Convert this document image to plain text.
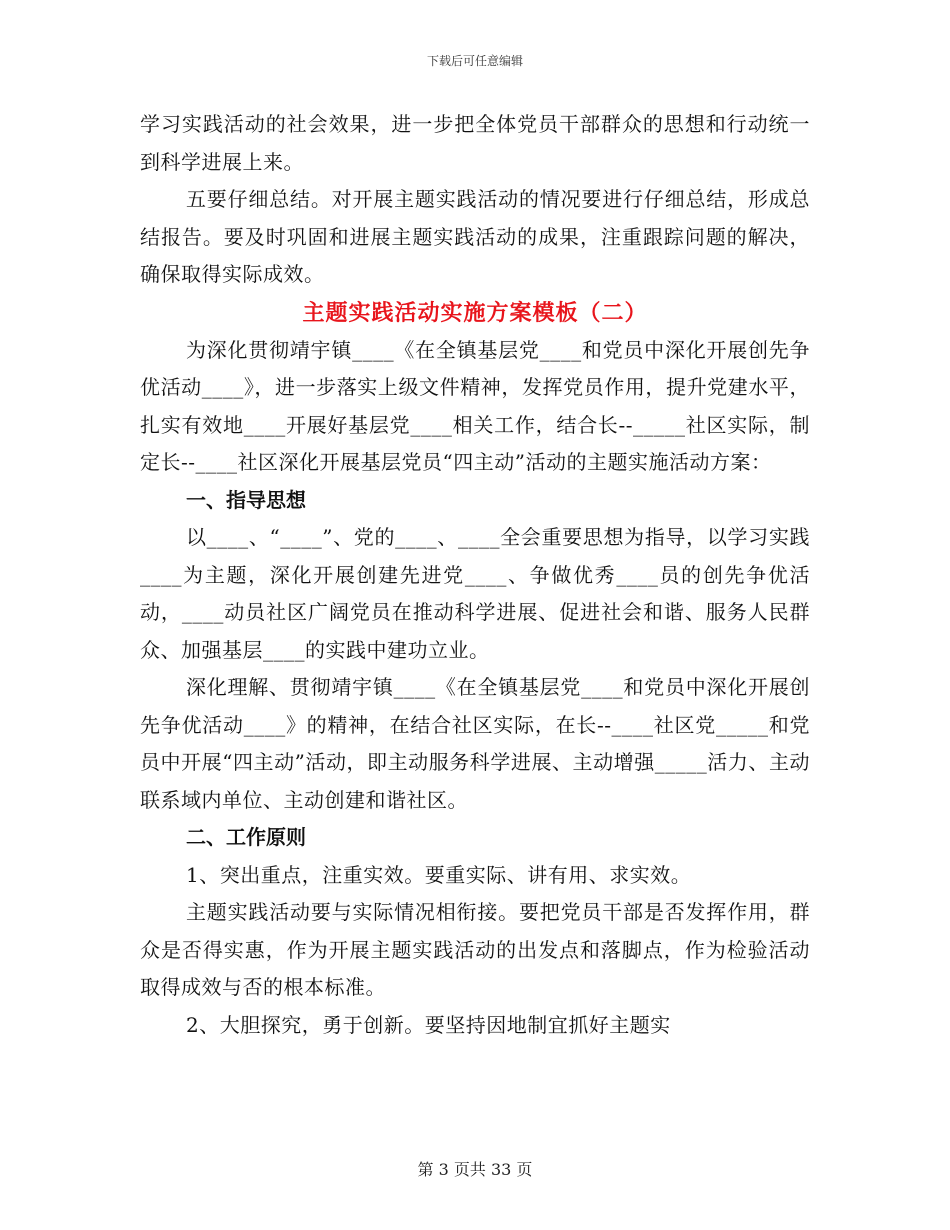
下载后可任意编辑

学习实践活动的社会效果，进一步把全体党员干部群众的思想和行动统一到科学进展上来。

五要仔细总结。对开展主题实践活动的情况要进行仔细总结，形成总结报告。要及时巩固和进展主题实践活动的成果，注重跟踪问题的解决，确保取得实际成效。

主题实践活动实施方案模板（二）

为深化贯彻靖宇镇____《在全镇基层党____和党员中深化开展创先争优活动____》，进一步落实上级文件精神，发挥党员作用，提升党建水平，扎实有效地____开展好基层党____相关工作，结合长--_____社区实际，制定长--____社区深化开展基层党员“四主动”活动的主题实施活动方案：

一、指导思想

以____、“____”、党的____、____全会重要思想为指导，以学习实践____为主题，深化开展创建先进党____、争做优秀____员的创先争优活动，____动员社区广阔党员在推动科学进展、促进社会和谐、服务人民群众、加强基层____的实践中建功立业。

深化理解、贯彻靖宇镇____《在全镇基层党____和党员中深化开展创先争优活动____》的精神，在结合社区实际，在长--____社区党_____和党员中开展“四主动”活动，即主动服务科学进展、主动增强_____活力、主动联系域内单位、主动创建和谐社区。

二、工作原则

1、突出重点，注重实效。要重实际、讲有用、求实效。

主题实践活动要与实际情况相衔接。要把党员干部是否发挥作用，群众是否得实惠，作为开展主题实践活动的出发点和落脚点，作为检验活动取得成效与否的根本标准。

2、大胆探究，勇于创新。要坚持因地制宜抓好主题实

第 3 页共 33 页
